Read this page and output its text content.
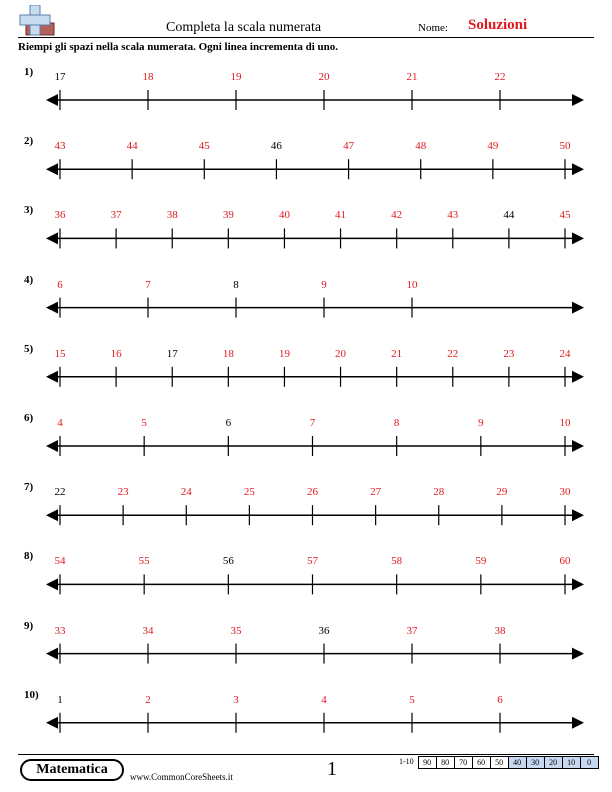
Completa la scala numerata	Nome: Soluzioni
Riempi gli spazi nella scala numerata. Ogni linea incrementa di uno.
1) 17	18	19	20	21	22
2) 43	44	45	46	47	48	49	50
3) 36	37	38	39	40	41	42	43	44	45
4) 6	7	8	9	10
5) 15	16	17	18	19	20	21	22	23	24
6) 4	5	6	7	8	9	10
7) 22	23	24	25	26	27	28	29	30
8) 54	55	56	57	58	59	60
9) 33	34	35	36	37	38
10) 1	2	3	4	5	6
Matematica	www.CommonCoreSheets.it	1	1-10	90	80	70	60	50	40	30	20	10	0
